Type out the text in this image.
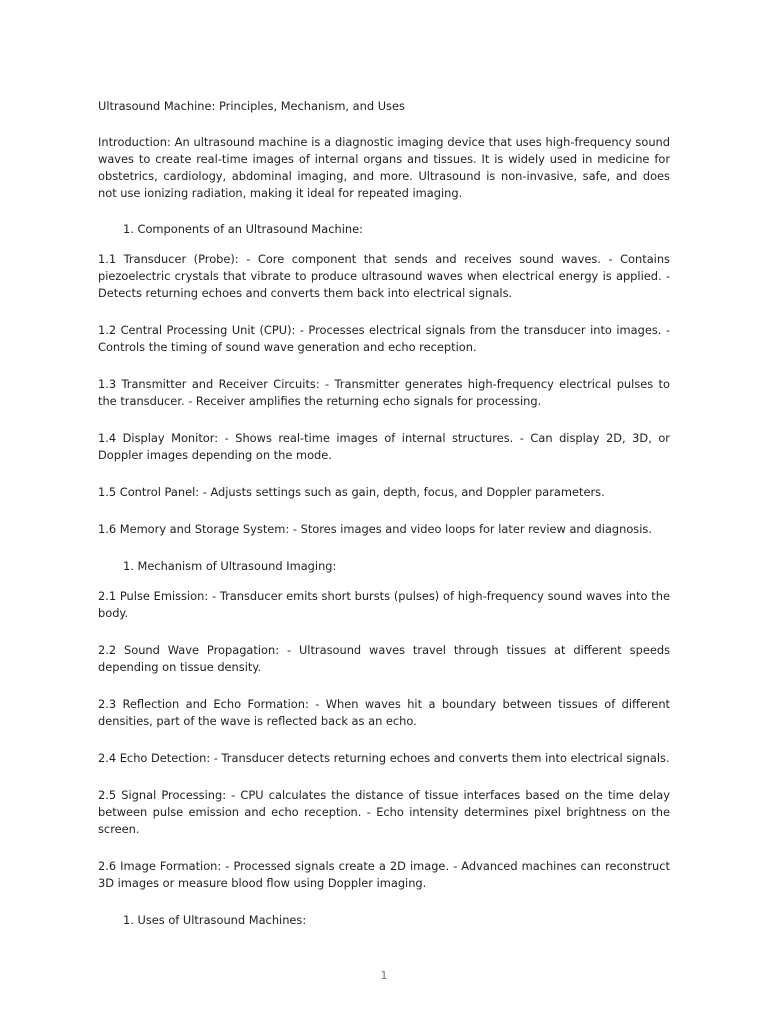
Ultrasound Machine: Principles, Mechanism, and Uses

Introduction: An ultrasound machine is a diagnostic imaging device that uses high-frequency sound waves to create real-time images of internal organs and tissues. It is widely used in medicine for obstetrics, cardiology, abdominal imaging, and more. Ultrasound is non-invasive, safe, and does not use ionizing radiation, making it ideal for repeated imaging.

1. Components of an Ultrasound Machine:

1.1 Transducer (Probe): - Core component that sends and receives sound waves. - Contains piezoelectric crystals that vibrate to produce ultrasound waves when electrical energy is applied. - Detects returning echoes and converts them back into electrical signals.

1.2 Central Processing Unit (CPU): - Processes electrical signals from the transducer into images. - Controls the timing of sound wave generation and echo reception.

1.3 Transmitter and Receiver Circuits: - Transmitter generates high-frequency electrical pulses to the transducer. - Receiver amplifies the returning echo signals for processing.

1.4 Display Monitor: - Shows real-time images of internal structures. - Can display 2D, 3D, or Doppler images depending on the mode.

1.5 Control Panel: - Adjusts settings such as gain, depth, focus, and Doppler parameters.

1.6 Memory and Storage System: - Stores images and video loops for later review and diagnosis.

1. Mechanism of Ultrasound Imaging:

2.1 Pulse Emission: - Transducer emits short bursts (pulses) of high-frequency sound waves into the body.

2.2 Sound Wave Propagation: - Ultrasound waves travel through tissues at different speeds depending on tissue density.

2.3 Reflection and Echo Formation: - When waves hit a boundary between tissues of different densities, part of the wave is reflected back as an echo.

2.4 Echo Detection: - Transducer detects returning echoes and converts them into electrical signals.

2.5 Signal Processing: - CPU calculates the distance of tissue interfaces based on the time delay between pulse emission and echo reception. - Echo intensity determines pixel brightness on the screen.

2.6 Image Formation: - Processed signals create a 2D image. - Advanced machines can reconstruct 3D images or measure blood flow using Doppler imaging.

1. Uses of Ultrasound Machines:

1
